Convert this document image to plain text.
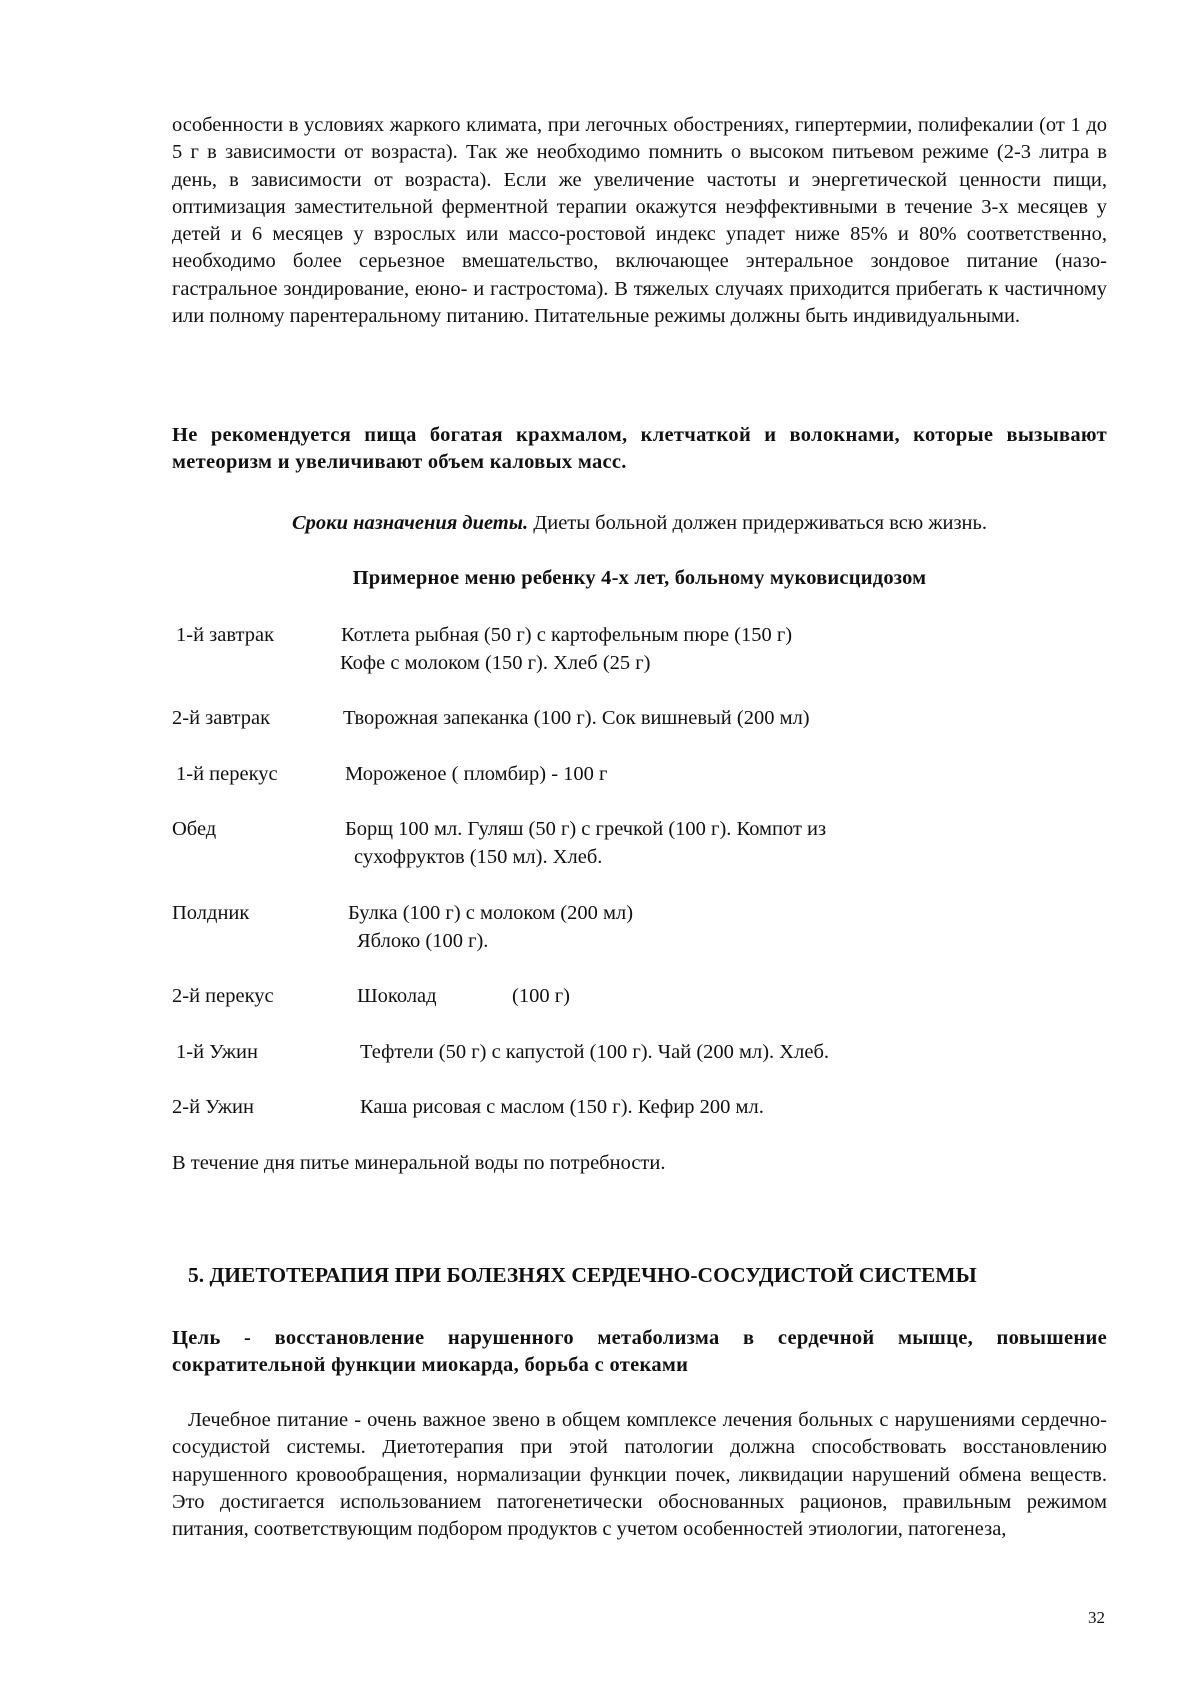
особенности в условиях жаркого климата, при легочных обострениях, гипертермии, полифекалии (от 1 до 5 г в зависимости от возраста). Так же необходимо помнить о высоком питьевом режиме (2-3 литра в день, в зависимости от возраста). Если же увеличение частоты и энергетической ценности пищи, оптимизация заместительной ферментной терапии окажутся неэффективными в течение 3-х месяцев у детей и 6 месяцев у взрослых или массо-ростовой индекс упадет ниже 85% и 80% соответственно, необходимо более серьезное вмешательство, включающее энтеральное зондовое питание (назо-гастральное зондирование, еюно- и гастростома). В тяжелых случаях приходится прибегать к частичному или полному парентеральному питанию. Питательные режимы должны быть индивидуальными.

Не рекомендуется пища богатая крахмалом, клетчаткой и волокнами, которые вызывают метеоризм и увеличивают объем каловых масс.

Сроки назначения диеты. Диеты больной должен придерживаться всю жизнь.

Примерное меню ребенку 4-х лет, больному муковисцидозом

1-й завтрак	Котлета рыбная (50 г) с картофельным пюре (150 г)
Кофе с молоком (150 г). Хлеб (25 г)
2-й завтрак	Творожная запеканка (100 г). Сок вишневый (200 мл)
1-й перекус	Мороженое ( пломбир) - 100 г
Обед	Борщ 100 мл. Гуляш (50 г) с гречкой (100 г). Компот из
сухофруктов (150 мл). Хлеб.
Полдник	Булка (100 г) с молоком (200 мл)
Яблоко (100 г).
2-й перекус	Шоколад	(100 г)
1-й Ужин	Тефтели (50 г) с капустой (100 г). Чай (200 мл). Хлеб.
2-й Ужин	Каша рисовая с маслом (150 г). Кефир 200 мл.

В течение дня питье минеральной воды по потребности.

5. ДИЕТОТЕРАПИЯ ПРИ БОЛЕЗНЯХ СЕРДЕЧНО-СОСУДИСТОЙ СИСТЕМЫ

Цель - восстановление нарушенного метаболизма в сердечной мышце, повышение сократительной функции миокарда, борьба с отеками

Лечебное питание - очень важное звено в общем комплексе лечения больных с нарушениями сердечно-сосудистой системы. Диетотерапия при этой патологии должна способствовать восстановлению нарушенного кровообращения, нормализации функции почек, ликвидации нарушений обмена веществ. Это достигается использованием патогенетически обоснованных рационов, правильным режимом питания, соответствующим подбором продуктов с учетом особенностей этиологии, патогенеза,

32
